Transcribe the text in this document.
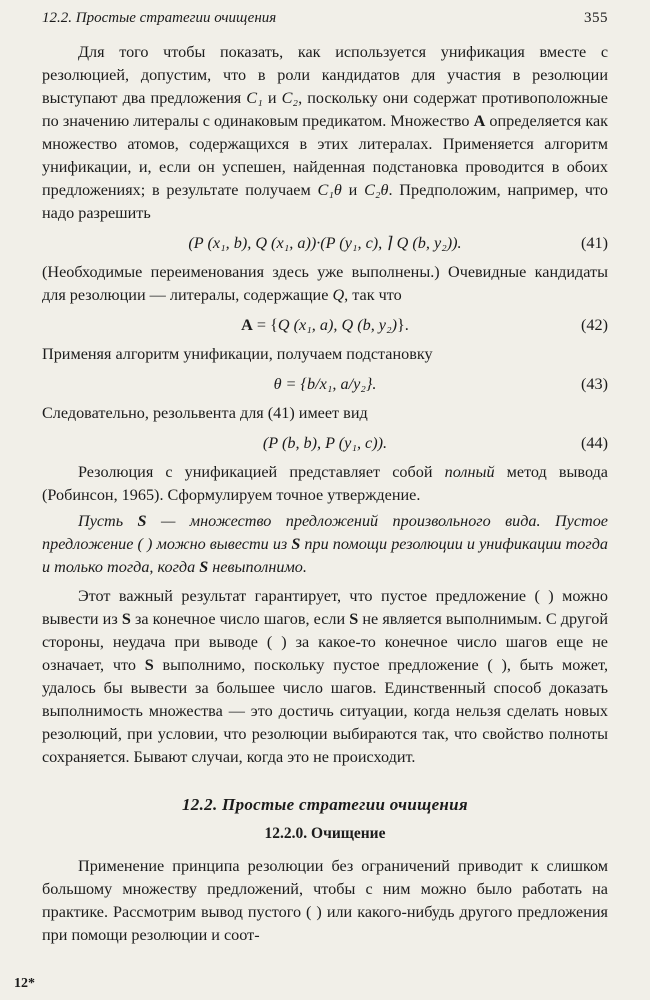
12.2. Простые стратегии очищения	355

Для того чтобы показать, как используется унификация вместе с резолюцией, допустим, что в роли кандидатов для участия в резолюции выступают два предложения C₁ и C₂, поскольку они содержат противоположные по значению литералы с одинаковым предикатом. Множество A определяется как множество атомов, содержащихся в этих литералах. Применяется алгоритм унификации, и, если он успешен, найденная подстановка проводится в обоих предложениях; в результате получаем C₁θ и C₂θ. Предположим, например, что надо разрешить

(P (x₁, b), Q (x₁, a))·(P (y₁, c), ⌉ Q (b, y₂)).	(41)

(Необходимые переименования здесь уже выполнены.) Очевидные кандидаты для резолюции — литералы, содержащие Q, так что

A = {Q (x₁, a), Q (b, y₂)}.	(42)

Применяя алгоритм унификации, получаем подстановку

θ = {b/x₁, a/y₂}.	(43)

Следовательно, резольвента для (41) имеет вид

(P (b, b), P (y₁, c)).	(44)

Резолюция с унификацией представляет собой полный метод вывода (Робинсон, 1965). Сформулируем точное утверждение.

Пусть S — множество предложений произвольного вида. Пустое предложение ( ) можно вывести из S при помощи резолюции и унификации тогда и только тогда, когда S невыполнимо.

Этот важный результат гарантирует, что пустое предложение ( ) можно вывести из S за конечное число шагов, если S не является выполнимым. С другой стороны, неудача при выводе ( ) за какое-то конечное число шагов еще не означает, что S выполнимо, поскольку пустое предложение ( ), быть может, удалось бы вывести за большее число шагов. Единственный способ доказать выполнимость множества — это достичь ситуации, когда нельзя сделать новых резолюций, при условии, что резолюции выбираются так, что свойство полноты сохраняется. Бывают случаи, когда это не происходит.

12.2. Простые стратегии очищения
12.2.0. Очищение

Применение принципа резолюции без ограничений приводит к слишком большому множеству предложений, чтобы с ним можно было работать на практике. Рассмотрим вывод пустого ( ) или какого-нибудь другого предложения при помощи резолюции и соот-

12*
